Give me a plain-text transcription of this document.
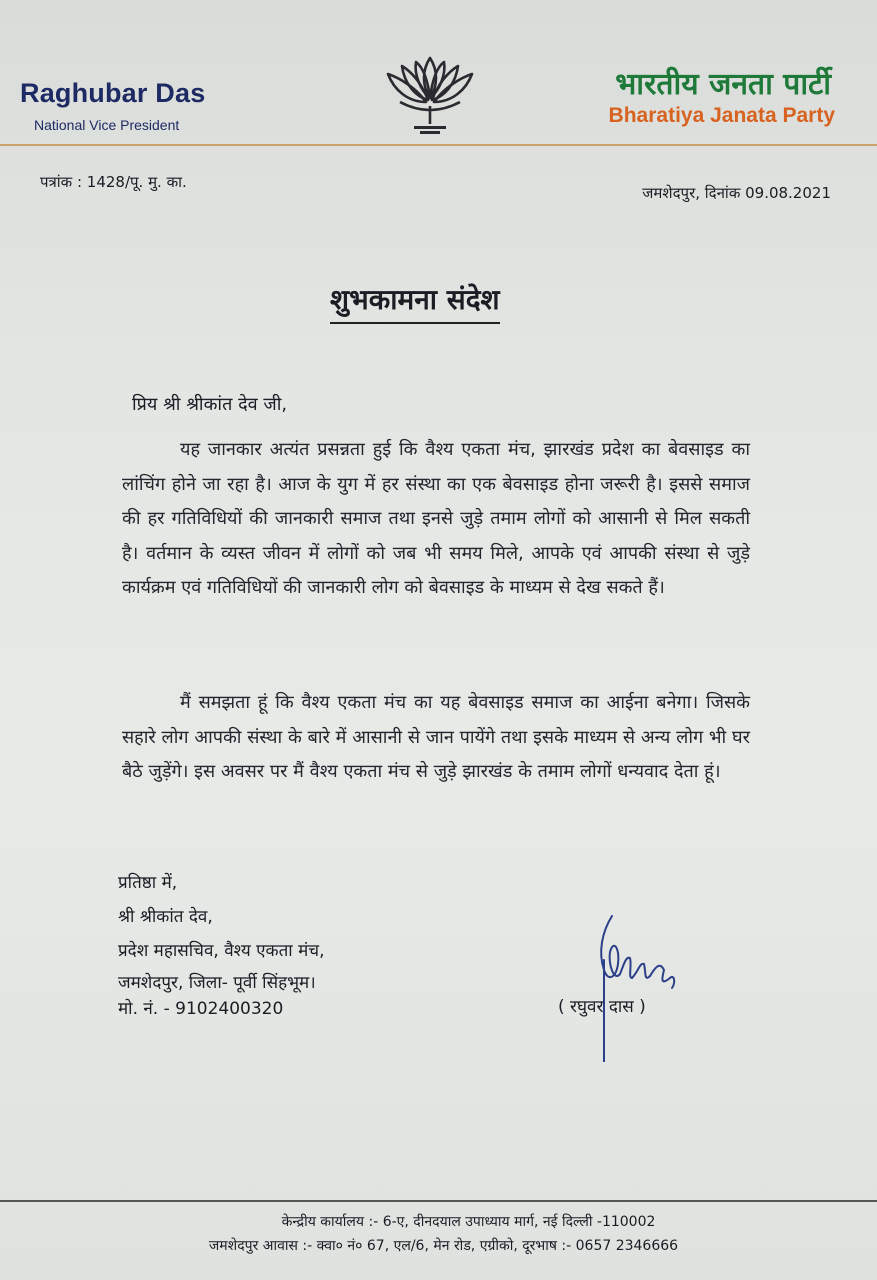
Raghubar Das
National Vice President
भारतीय जनता पार्टी
Bharatiya Janata Party
पत्रांक : 1428/पू. मु. का.
जमशेदपुर, दिनांक 09.08.2021
शुभकामना संदेश
प्रिय श्री श्रीकांत देव जी,
यह जानकार अत्यंत प्रसन्नता हुई कि वैश्य एकता मंच, झारखंड प्रदेश का बेवसाइड का लांचिंग होने जा रहा है। आज के युग में हर संस्था का एक बेवसाइड होना जरूरी है। इससे समाज की हर गतिविधियों की जानकारी समाज तथा इनसे जुड़े तमाम लोगों को आसानी से मिल सकती है। वर्तमान के व्यस्त जीवन में लोगों को जब भी समय मिले, आपके एवं आपकी संस्था से जुड़े कार्यक्रम एवं गतिविधियों की जानकारी लोग को बेवसाइड के माध्यम से देख सकते हैं।
मैं समझता हूं कि वैश्य एकता मंच का यह बेवसाइड समाज का आईना बनेगा। जिसके सहारे लोग आपकी संस्था के बारे में आसानी से जान पायेंगे तथा इसके माध्यम से अन्य लोग भी घर बैठे जुड़ेंगे। इस अवसर पर मैं वैश्य एकता मंच से जुड़े झारखंड के तमाम लोगों धन्यवाद देता हूं।
प्रतिष्ठा में,
श्री श्रीकांत देव,
प्रदेश महासचिव, वैश्य एकता मंच,
जमशेदपुर, जिला- पूर्वी सिंहभूम।
मो. नं. - 9102400320	( रघुवर दास )
केन्द्रीय कार्यालय :- 6-ए, दीनदयाल उपाध्याय मार्ग, नई दिल्ली -110002
जमशेदपुर आवास :- क्वा० नं० 67, एल/6, मेन रोड, एग्रीको, दूरभाष :- 0657 2346666
